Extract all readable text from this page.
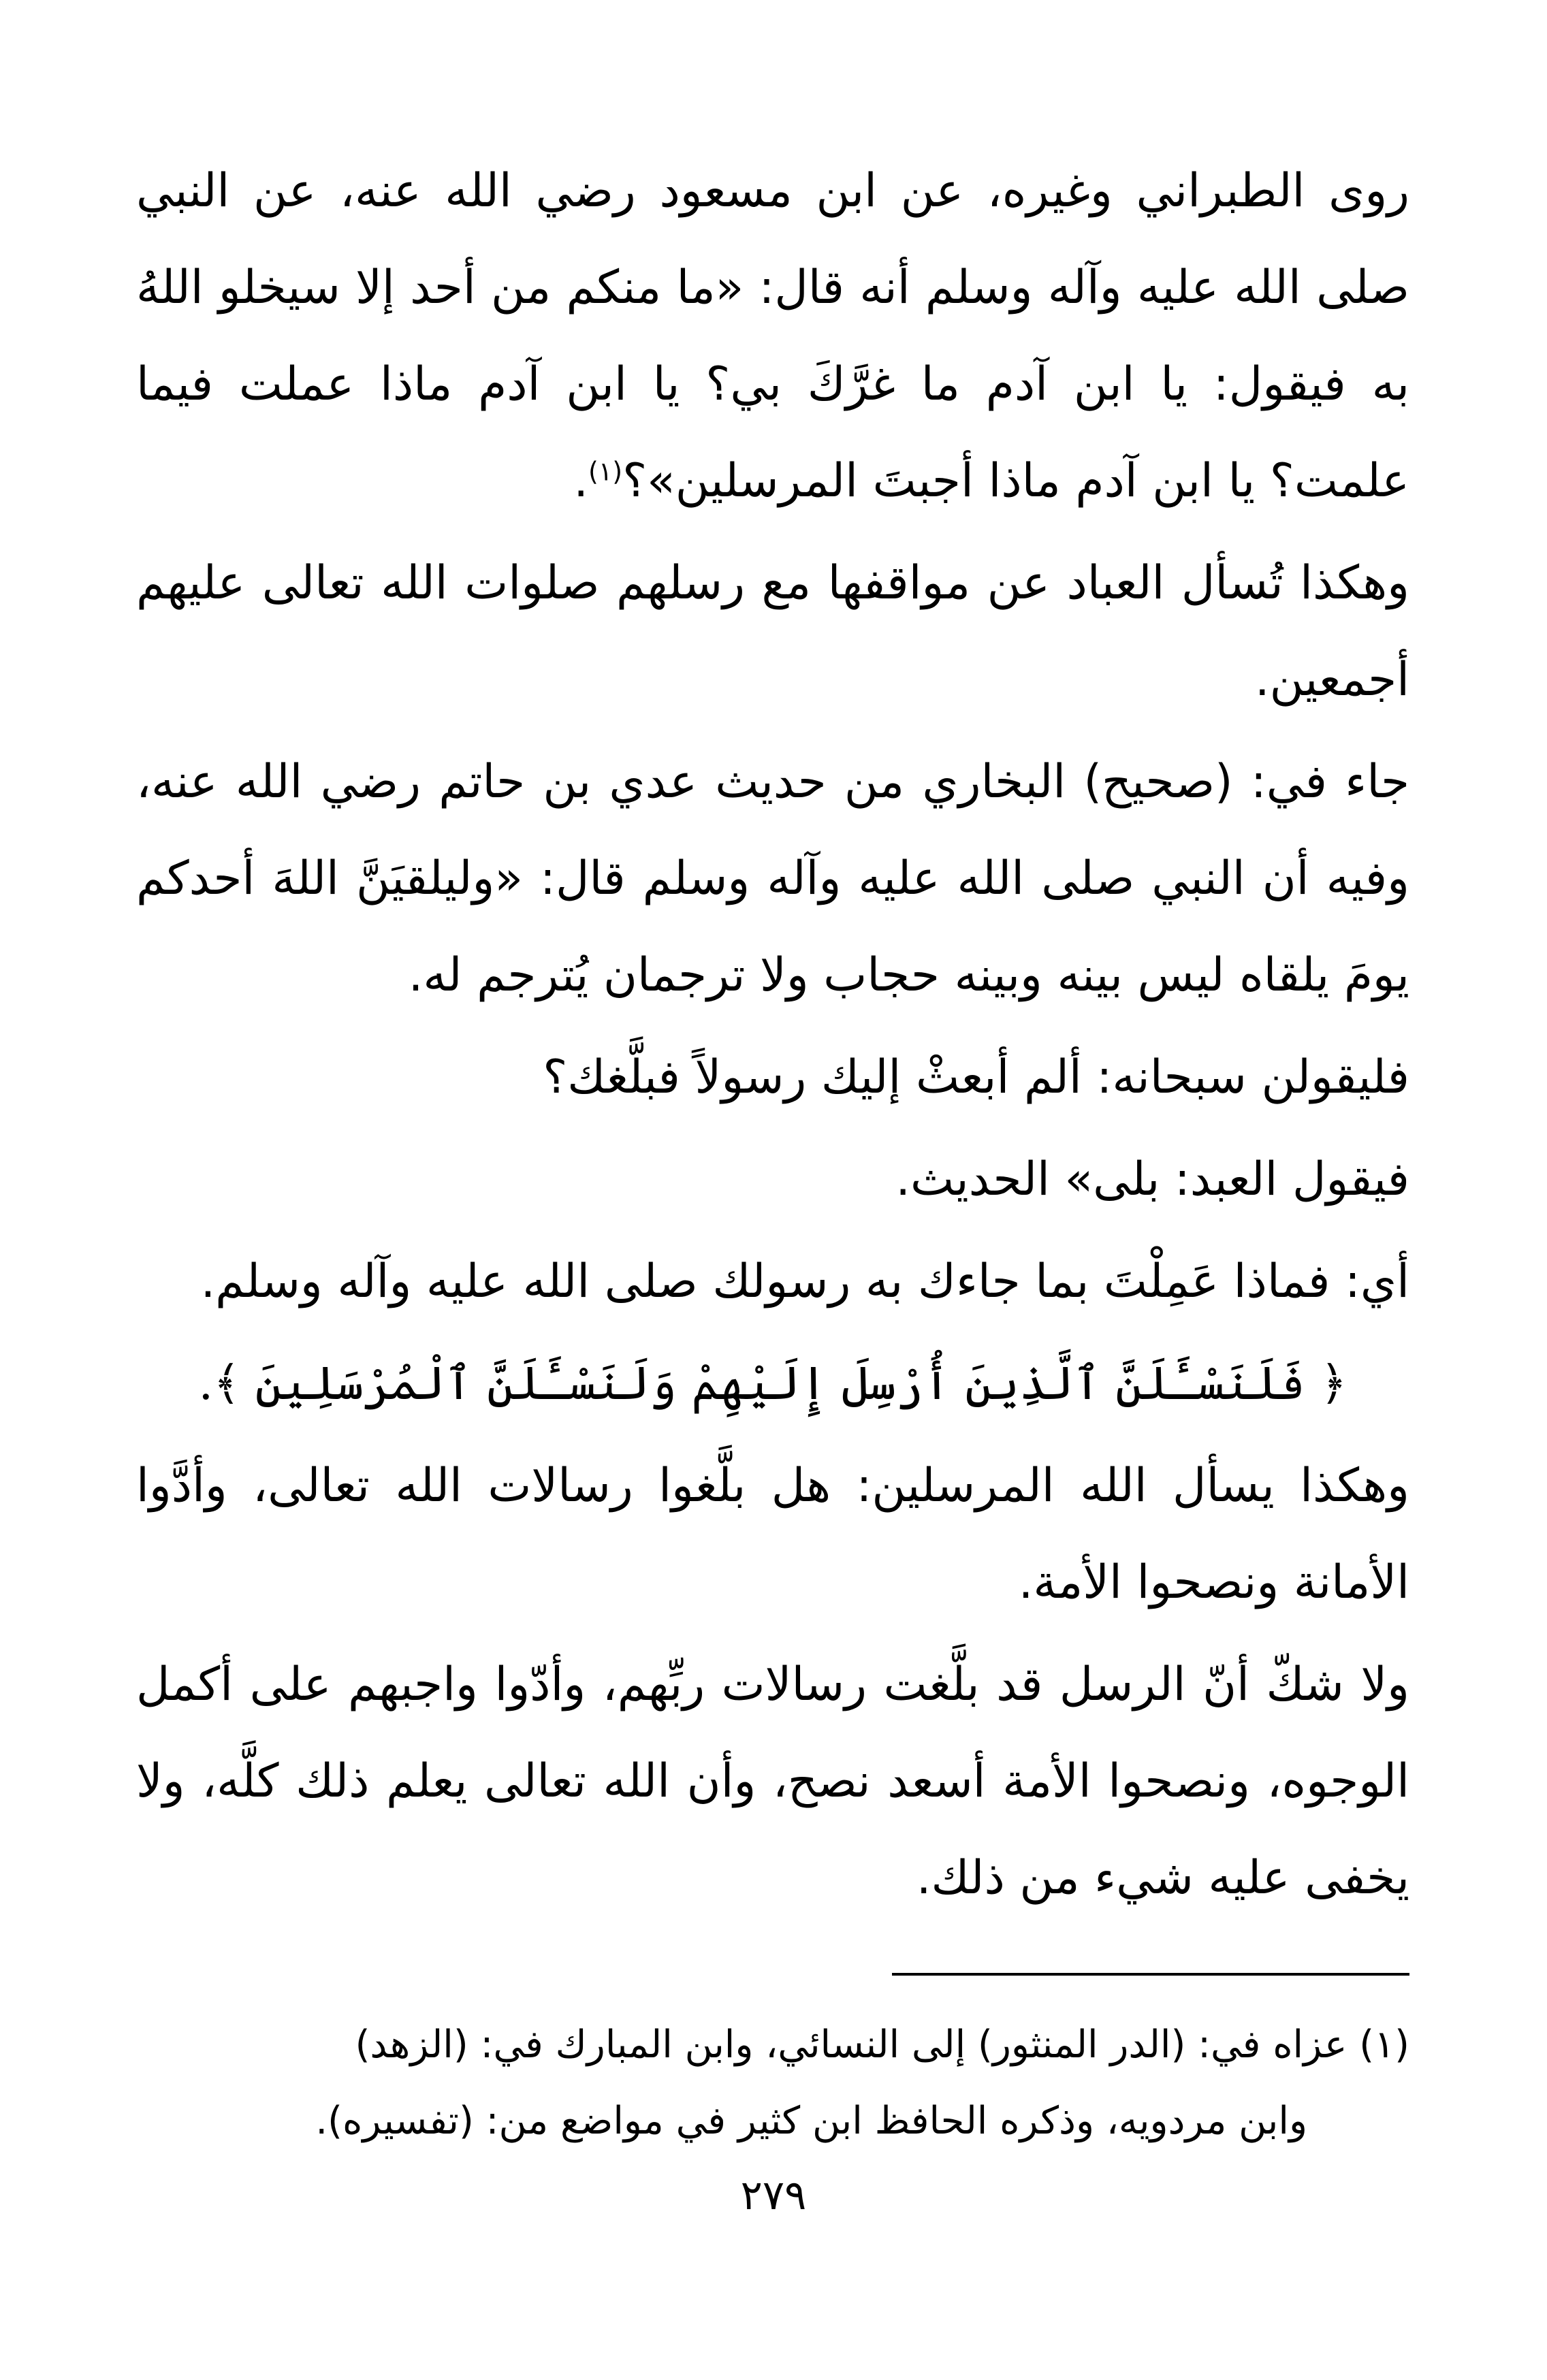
روى الطبراني وغيره، عن ابن مسعود رضي الله عنه، عن النبي صلى الله عليه وآله وسلم أنه قال: «ما منكم من أحد إلا سيخلو اللهُ به فيقول: يا ابن آدم ما غرَّكَ بي؟ يا ابن آدم ماذا عملت فيما علمت؟ يا ابن آدم ماذا أجبتَ المرسلين»؟$^{(١)}$.

وهكذا تُسأل العباد عن مواقفها مع رسلهم صلوات الله تعالى عليهم أجمعين.

جاء في: (صحيح) البخاري من حديث عدي بن حاتم رضي الله عنه، وفيه أن النبي صلى الله عليه وآله وسلم قال: «وليلقيَنَّ اللهَ أحدكم يومَ يلقاه ليس بينه وبينه حجاب ولا ترجمان يُترجم له.

فليقولن سبحانه: ألم أبعثْ إليك رسولاً فبلَّغك؟

فيقول العبد: بلى» الحديث.

أي: فماذا عَمِلْتَ بما جاءك به رسولك صلى الله عليه وآله وسلم.

﴿ فَلَنَسْـَٔلَنَّ ٱلَّذِينَ أُرْسِلَ إِلَيْهِمْ وَلَنَسْـَٔلَنَّ ٱلْمُرْسَلِينَ ﴾.

وهكذا يسأل الله المرسلين: هل بلَّغوا رسالات الله تعالى، وأدَّوا الأمانة ونصحوا الأمة.

ولا شكّ أنّ الرسل قد بلَّغت رسالات ربِّهم، وأدّوا واجبهم على أكمل الوجوه، ونصحوا الأمة أسعد نصح، وأن الله تعالى يعلم ذلك كلَّه، ولا يخفى عليه شيء من ذلك.

(١) عزاه في: (الدر المنثور) إلى النسائي، وابن المبارك في: (الزهد)
وابن مردويه، وذكره الحافظ ابن كثير في مواضع من: (تفسيره).
٢٧٩
